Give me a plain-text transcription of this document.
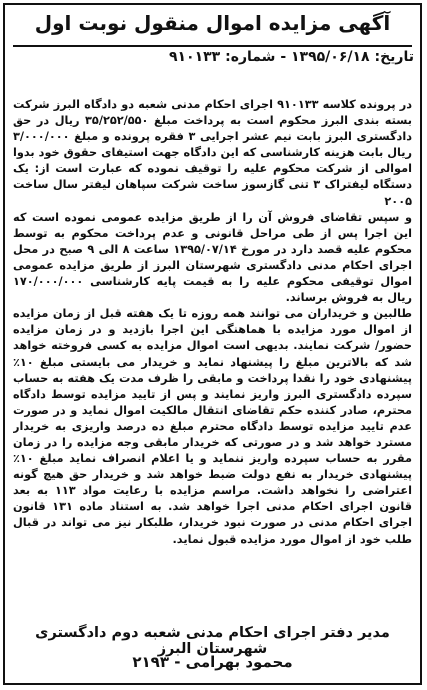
آگهی مزایده اموال منقول نوبت اول
تاریخ: ۱۳۹۵/۰۶/۱۸ - شماره: ۹۱۰۱۳۳

در پرونده کلاسه ۹۱۰۱۳۳ اجرای احکام مدنی شعبه دو دادگاه البرز شرکت بسته بندی البرز محکوم است به پرداخت مبلغ ۳۵/۲۵۲/۵۵۰ ریال در حق دادگستری البرز بابت نیم عشر اجرایی ۳ فقره پرونده و مبلغ ۳/۰۰۰/۰۰۰ ریال بابت هزینه کارشناسی که این دادگاه جهت استیفای حقوق خود بدوا اموالی از شرکت محکوم علیه را توقیف نموده که عبارت است از: یک دستگاه لیفتراک ۳ تنی گازسوز ساخت شرکت سپاهان لیفتر سال ساخت ۲۰۰۵

و سپس تقاضای فروش آن را از طریق مزایده عمومی نموده است که این اجرا پس از طی مراحل قانونی و عدم پرداخت محکوم به توسط محکوم علیه قصد دارد در مورخ ۱۳۹۵/۰۷/۱۴ ساعت ۸ الی ۹ صبح در محل اجرای احکام مدنی دادگستری شهرستان البرز از طریق مزایده عمومی اموال توقیفی محکوم علیه را به قیمت پایه کارشناسی ۱۷۰/۰۰۰/۰۰۰ ریال به فروش برساند.

طالبین و خریداران می توانند همه روزه تا یک هفته قبل از زمان مزایده از اموال مورد مزایده با هماهنگی این اجرا بازدید و در زمان مزایده حضور/ شرکت نمایند. بدیهی است اموال مزایده به کسی فروخته خواهد شد که بالاترین مبلغ را پیشنهاد نماید و خریدار می بایستی مبلغ ۱۰٪ پیشنهادی خود را نقدا پرداخت و مابقی را ظرف مدت یک هفته به حساب سپرده دادگستری البرز واریز نمایند و پس از تایید مزایده توسط دادگاه محترم، صادر کننده حکم تقاضای انتقال مالکیت اموال نماید و در صورت عدم تایید مزایده توسط دادگاه محترم مبلغ ده درصد واریزی به خریدار مسترد خواهد شد و در صورتی که خریدار مابقی وجه مزایده را در زمان مقرر به حساب سپرده واریز ننماید و یا اعلام انصراف نماید مبلغ ۱۰٪ پیشنهادی خریدار به نفع دولت ضبط خواهد شد و خریدار حق هیچ گونه اعتراضی را نخواهد داشت. مراسم مزایده با رعایت مواد ۱۱۳ به بعد قانون اجرای احکام مدنی اجرا خواهد شد. به استناد ماده ۱۳۱ قانون اجرای احکام مدنی در صورت نبود خریدار، طلبکار نیز می تواند در قبال طلب خود از اموال مورد مزایده قبول نماید.

مدیر دفتر اجرای احکام مدنی شعبه دوم دادگستری شهرستان البرز
محمود بهرامی - ۲۱۹۳
